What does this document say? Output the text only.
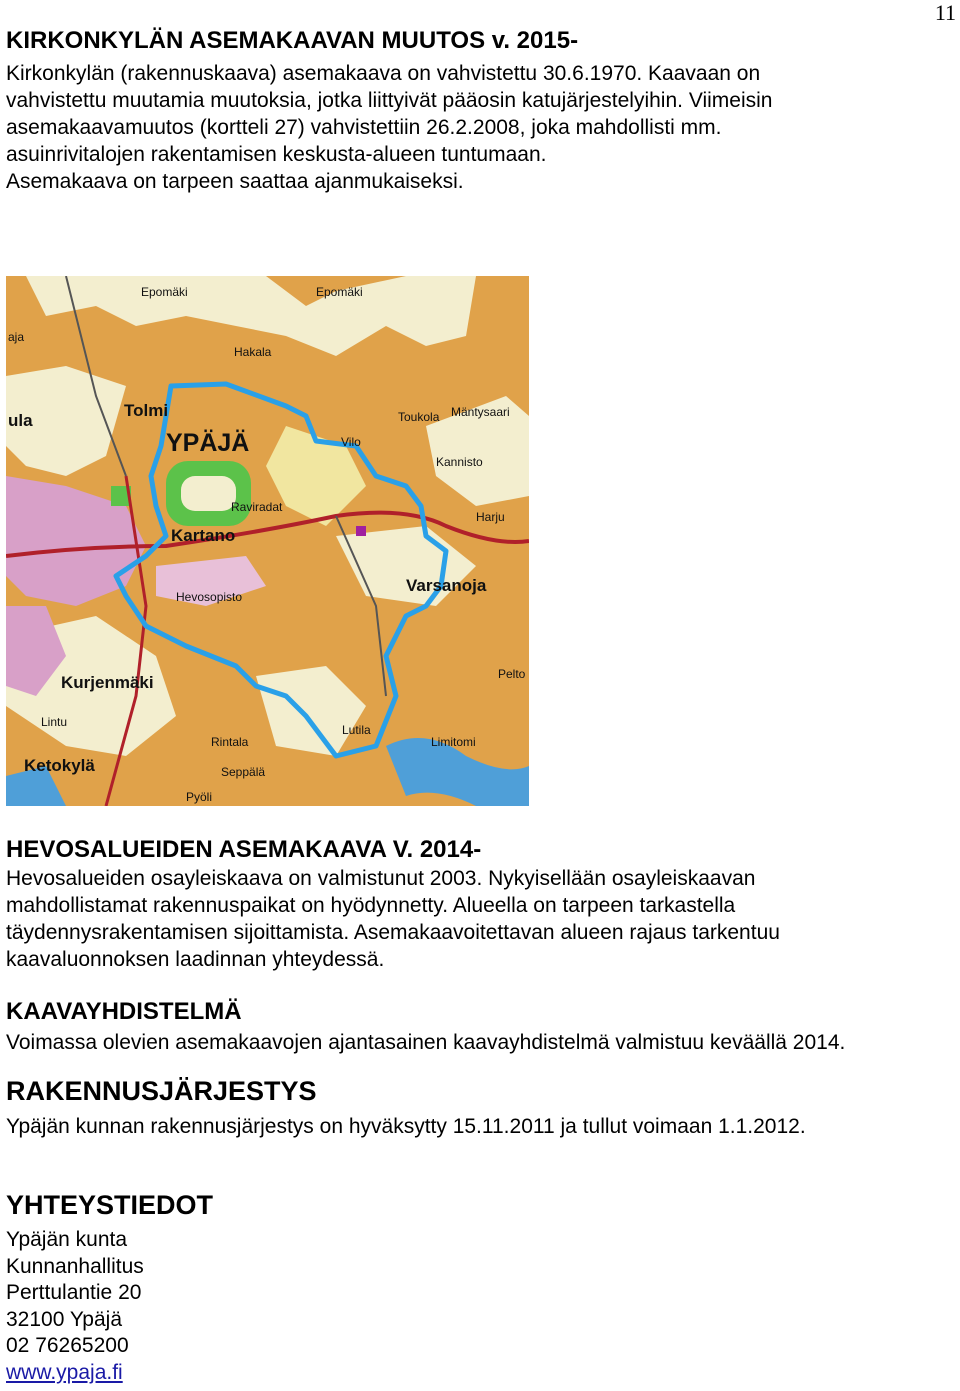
11
KIRKONKYLÄN ASEMAKAAVAN MUUTOS v. 2015-

Kirkonkylän (rakennuskaava) asemakaava on vahvistettu 30.6.1970. Kaavaan on

vahvistettu muutamia muutoksia, jotka liittyivät pääosin katujärjestelyihin. Viimeisin

asemakaavamuutos (kortteli 27) vahvistettiin 26.2.2008, joka mahdollisti mm.

asuinrivitalojen rakentamisen keskusta-alueen tuntumaan.

Asemakaava on tarpeen saattaa ajanmukaiseksi.

Epomäki	Epomäki
Hakala
Tolmi
YPÄJÄ
Toukola Mäntysaari
Vilo
Kannisto
Harju
Raviradat
Kartano
Hevosopisto
Varsanoja
Kurjenmäki
Lintu
Rintala
Lutila
Limitomi
Ketokylä	Seppälä
Pyöli
Pelto
ula
aja
HEVOSALUEIDEN ASEMAKAAVA V. 2014-

Hevosalueiden osayleiskaava on valmistunut 2003. Nykyisellään osayleiskaavan

mahdollistamat rakennuspaikat on hyödynnetty. Alueella on tarpeen tarkastella

täydennysrakentamisen sijoittamista. Asemakaavoitettavan alueen rajaus tarkentuu

kaavaluonnoksen laadinnan yhteydessä.

KAAVAYHDISTELMÄ

Voimassa olevien asemakaavojen ajantasainen kaavayhdistelmä valmistuu keväällä 2014.

RAKENNUSJÄRJESTYS

Ypäjän kunnan rakennusjärjestys on hyväksytty 15.11.2011 ja tullut voimaan 1.1.2012.

YHTEYSTIEDOT

Ypäjän kunta

Kunnanhallitus

Perttulantie 20

32100 Ypäjä

02 76265200

www.ypaja.fi
